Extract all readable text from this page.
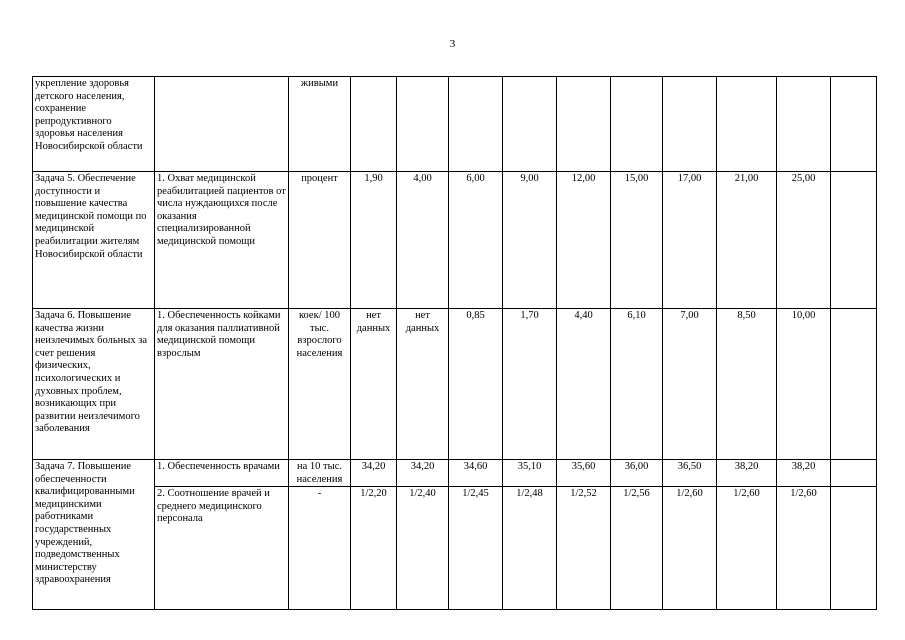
3
укрепление здоровья детского населения, сохранение репродуктивного здоровья населения Новосибирской области		живыми										
Задача 5. Обеспечение доступности и повышение качества медицинской помощи по медицинской реабилитации жителям Новосибирской области	1. Охват медицинской реабилитацией пациентов от числа нуждающихся после оказания специализированной медицинской помощи	процент	1,90	4,00	6,00	9,00	12,00	15,00	17,00	21,00	25,00	
Задача 6. Повышение качества жизни неизлечимых больных за счет решения физических, психологических и духовных проблем, возникающих при развитии неизлечимого заболевания	1. Обеспеченность койками для оказания паллиативной медицинской помощи взрослым	коек/ 100 тыс. взрослого населения	нет данных	нет данных	0,85	1,70	4,40	6,10	7,00	8,50	10,00	
Задача 7. Повышение обеспеченности квалифицированными медицинскими работниками государственных учреждений, подведомственных министерству здравоохранения	1. Обеспеченность врачами	на 10 тыс. населения	34,20	34,20	34,60	35,10	35,60	36,00	36,50	38,20	38,20	
	2. Соотношение врачей и среднего медицинского персонала	-	1/2,20	1/2,40	1/2,45	1/2,48	1/2,52	1/2,56	1/2,60	1/2,60	1/2,60	
